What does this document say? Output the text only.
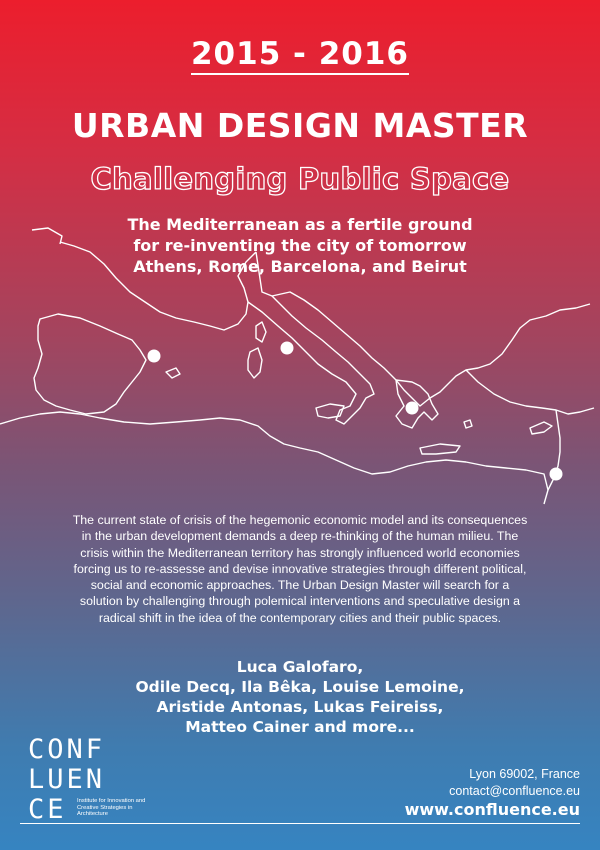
2015 - 2016
URBAN DESIGN MASTER
Challenging Public Space
The Mediterranean as a fertile ground
for re-inventing the city of tomorrow
Athens, Rome, Barcelona, and Beirut
The current state of crisis of the hegemonic economic model and its consequences in the urban development demands a deep re-thinking of the human milieu. The crisis within the Mediterranean territory has strongly influenced world economies forcing us to re-assesse and devise innovative strategies through different political, social and economic approaches. The Urban Design Master will search for a solution by challenging through polemical interventions and speculative design a radical shift in the idea of the contemporary cities and their public spaces.
Luca Galofaro,
Odile Decq, Ila Bêka, Louise Lemoine,
Aristide Antonas, Lukas Feireiss,
Matteo Cainer and more...
CONF
LUEN
CE	Institute for Innovation and Creative Strategies in Architecture
Lyon 69002, France
contact@confluence.eu
www.confluence.eu
